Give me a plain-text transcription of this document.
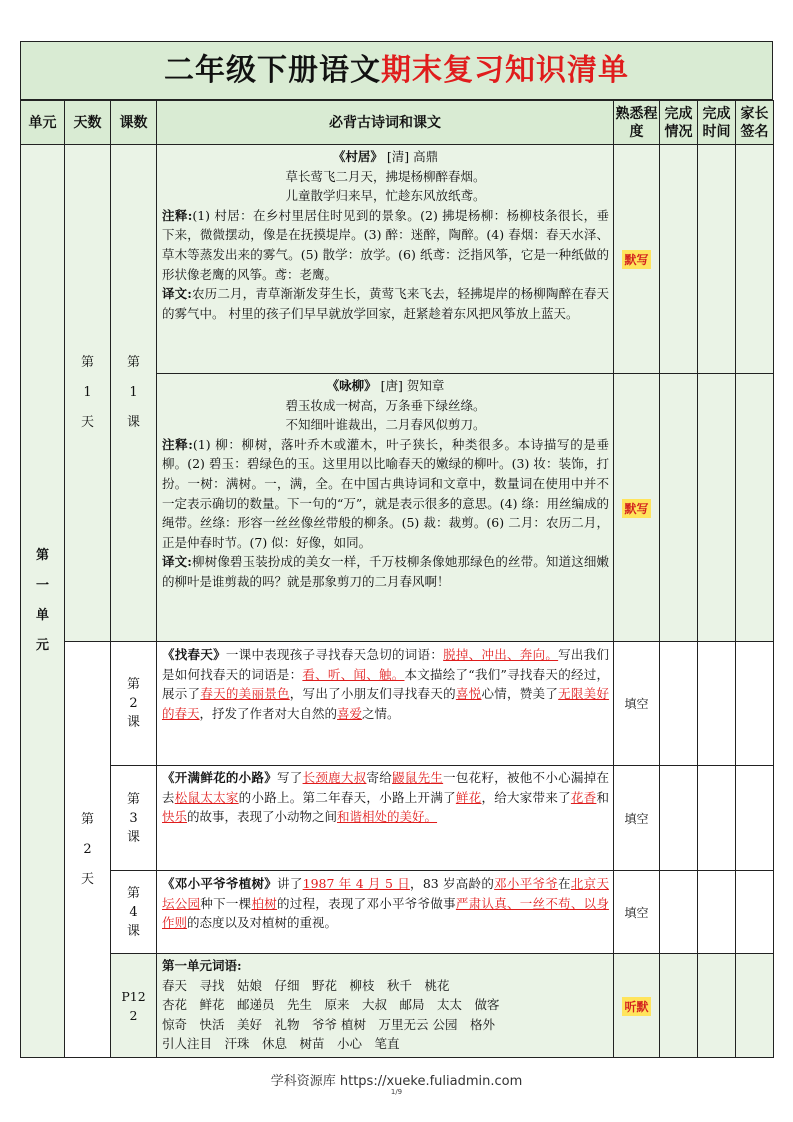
二年级下册语文期末复习知识清单
单元	天数	课数	必背古诗词和课文	熟悉程度	完成情况	完成时间	家长签名

第一单元	第1天	第1课	《村居》 [清] 高鼎
草长莺飞二月天，拂堤杨柳醉春烟。
儿童散学归来早，忙趁东风放纸鸢。
注释:(1) 村居：在乡村里居住时见到的景象。(2) 拂堤杨柳：杨柳枝条很长，垂下来，微微摆动，像是在抚摸堤岸。(3) 醉：迷醉，陶醉。(4) 春烟：春天水泽、草木等蒸发出来的雾气。(5) 散学：放学。(6) 纸鸢：泛指风筝，它是一种纸做的形状像老鹰的风筝。鸢：老鹰。
译文:农历二月，青草渐渐发芽生长，黄莺飞来飞去，轻拂堤岸的杨柳陶醉在春天的雾气中。 村里的孩子们早早就放学回家，赶紧趁着东风把风筝放上蓝天。	默写			

			《咏柳》 [唐] 贺知章
碧玉妆成一树高，万条垂下绿丝绦。
不知细叶谁裁出，二月春风似剪刀。
注释:(1) 柳：柳树，落叶乔木或灌木，叶子狭长，种类很多。本诗描写的是垂柳。(2) 碧玉：碧绿色的玉。这里用以比喻春天的嫩绿的柳叶。(3) 妆：装饰，打扮。一树：满树。一，满，全。在中国古典诗词和文章中，数量词在使用中并不一定表示确切的数量。下一句的“万”，就是表示很多的意思。(4) 绦：用丝编成的绳带。丝绦：形容一丝丝像丝带般的柳条。(5) 裁：裁剪。(6) 二月：农历二月，正是仲春时节。(7) 似：好像，如同。
译文:柳树像碧玉装扮成的美女一样，千万枝柳条像她那绿色的丝带。知道这细嫩的柳叶是谁剪裁的吗？就是那象剪刀的二月春风啊！	默写			

	第2天	第2课	《找春天》一课中表现孩子寻找春天急切的词语：脱掉、冲出、奔向。写出我们是如何找春天的词语是：看、听、闻、触。本文描绘了“我们”寻找春天的经过，展示了春天的美丽景色，写出了小朋友们寻找春天的喜悦心情，赞美了无限美好的春天，抒发了作者对大自然的喜爱之情。	填空			

		第3课	《开满鲜花的小路》写了长颈鹿大叔寄给鼹鼠先生一包花籽，被他不小心漏掉在去松鼠太太家的小路上。第二年春天，小路上开满了鲜花，给大家带来了花香和快乐的故事，表现了小动物之间和谐相处的美好。	填空			

		第4课	《邓小平爷爷植树》讲了1987 年 4 月 5 日，83 岁高龄的邓小平爷爷在北京天坛公园种下一棵柏树的过程，表现了邓小平爷爷做事严肃认真、一丝不苟、以身作则的态度以及对植树的重视。	填空			

		P122	第一单元词语:
春天　寻找　姑娘　仔细　野花　柳枝　秋千　桃花
杏花　鲜花　邮递员　先生　原来　大叔　邮局　太太　做客
惊奇　快活　美好　礼物　爷爷 植树　万里无云 公园　格外
引人注目　汗珠　休息　树苗　小心　笔直	听默			
学科资源库 https://xueke.fuliadmin.com
1/9
